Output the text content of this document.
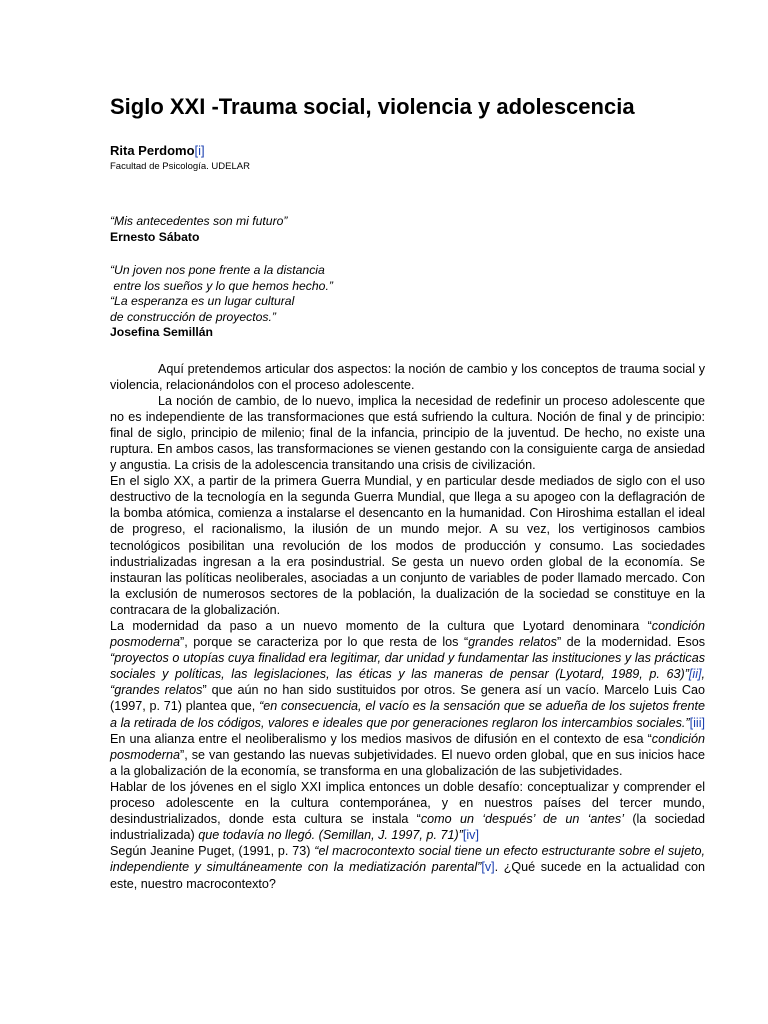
Siglo XXI -Trauma social, violencia y adolescencia
Rita Perdomo[i]
Facultad de Psicología. UDELAR
“Mis antecedentes son mi futuro”
Ernesto Sábato
“Un joven nos pone frente a la distancia
entre los sueños y lo que hemos hecho.”
“La esperanza es un lugar cultural
de construcción de proyectos.”
Josefina Semillán

Aquí pretendemos articular dos aspectos: la noción de cambio y los conceptos de trauma social y violencia, relacionándolos con el proceso adolescente.

La noción de cambio, de lo nuevo, implica la necesidad de redefinir un proceso adolescente que no es independiente de las transformaciones que está sufriendo la cultura. Noción de final y de principio: final de siglo, principio de milenio; final de la infancia, principio de la juventud. De hecho, no existe una ruptura. En ambos casos, las transformaciones se vienen gestando con la consiguiente carga de ansiedad y angustia. La crisis de la adolescencia transitando una crisis de civilización.

En el siglo XX, a partir de la primera Guerra Mundial, y en particular desde mediados de siglo con el uso destructivo de la tecnología en la segunda Guerra Mundial, que llega a su apogeo con la deflagración de la bomba atómica, comienza a instalarse el desencanto en la humanidad. Con Hiroshima estallan el ideal de progreso, el racionalismo, la ilusión de un mundo mejor. A su vez, los vertiginosos cambios tecnológicos posibilitan una revolución de los modos de producción y consumo. Las sociedades industrializadas ingresan a la era posindustrial. Se gesta un nuevo orden global de la economía. Se instauran las políticas neoliberales, asociadas a un conjunto de variables de poder llamado mercado. Con la exclusión de numerosos sectores de la población, la dualización de la sociedad se constituye en la contracara de la globalización.

La modernidad da paso a un nuevo momento de la cultura que Lyotard denominara “condición posmoderna”, porque se caracteriza por lo que resta de los “grandes relatos” de la modernidad. Esos “proyectos o utopías cuya finalidad era legitimar, dar unidad y fundamentar las instituciones y las prácticas sociales y políticas, las legislaciones, las éticas y las maneras de pensar (Lyotard, 1989, p. 63)”[ii], “grandes relatos” que aún no han sido sustituidos por otros. Se genera así un vacío. Marcelo Luis Cao (1997, p. 71) plantea que, “en consecuencia, el vacío es la sensación que se adueña de los sujetos frente a la retirada de los códigos, valores e ideales que por generaciones reglaron los intercambios sociales.”[iii] En una alianza entre el neoliberalismo y los medios masivos de difusión en el contexto de esa “condición posmoderna”, se van gestando las nuevas subjetividades. El nuevo orden global, que en sus inicios hace a la globalización de la economía, se transforma en una globalización de las subjetividades.

Hablar de los jóvenes en el siglo XXI implica entonces un doble desafío: conceptualizar y comprender el proceso adolescente en la cultura contemporánea, y en nuestros países del tercer mundo, desindustrializados, donde esta cultura se instala “como un ‘después’ de un ‘antes’ (la sociedad industrializada) que todavía no llegó. (Semillan, J. 1997, p. 71)”[iv]

Según Jeanine Puget, (1991, p. 73) “el macrocontexto social tiene un efecto estructurante sobre el sujeto, independiente y simultáneamente con la mediatización parental”[v]. ¿Qué sucede en la actualidad con este, nuestro macrocontexto?
